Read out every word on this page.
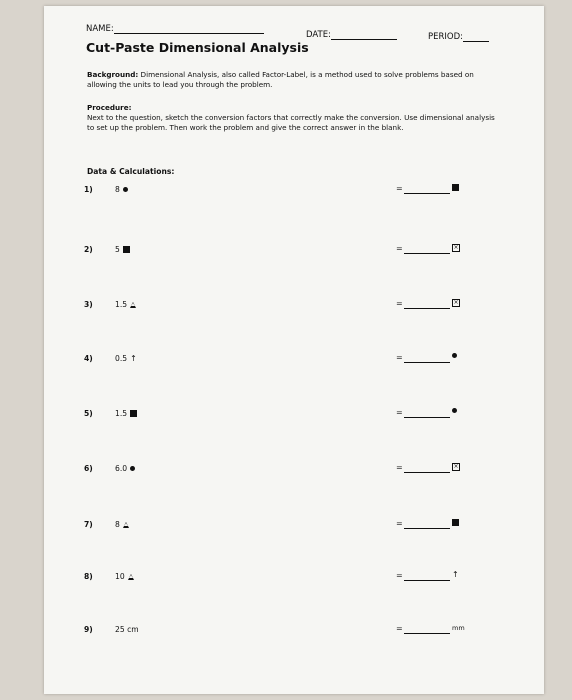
NAME:
DATE:	PERIOD:
Cut-Paste Dimensional Analysis
Background: Dimensional Analysis, also called Factor-Label, is a method used to solve problems based on allowing the units to lead you through the problem.
Procedure:
Next to the question, sketch the conversion factors that correctly make the conversion. Use dimensional analysis to set up the problem. Then work the problem and give the correct answer in the blank.
Data & Calculations:
1)	8	=
2)	5	=	×
3)	1.5	=	×
4)	0.5 ↑	=
5)	1.5	=
6)	6.0	=	×
7)	8	=
8)	10	=	↑
9)	25 cm	=	mm
